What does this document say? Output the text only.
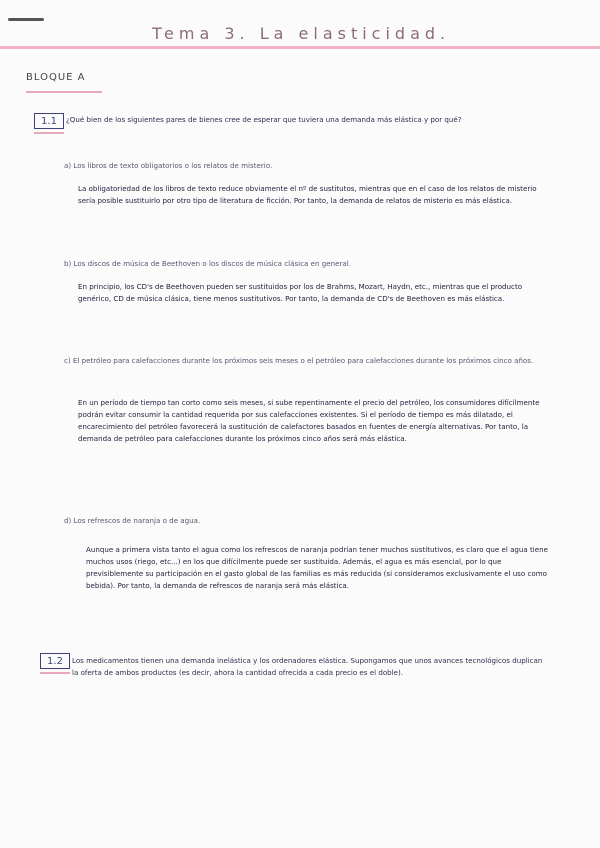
Tema 3. La elasticidad.
BLOQUE A
1.1	¿Qué bien de los siguientes pares de bienes cree de esperar que tuviera una demanda más elástica y por qué?
a) Los libros de texto obligatorios o los relatos de misterio.
La obligatoriedad de los libros de texto reduce obviamente el nº de sustitutos, mientras que en el caso de los relatos de misterio sería posible sustituirlo por otro tipo de literatura de ficción. Por tanto, la demanda de relatos de misterio es más elástica.
b) Los discos de música de Beethoven o los discos de música clásica en general.
En principio, los CD's de Beethoven pueden ser sustituidos por los de Brahms, Mozart, Haydn, etc., mientras que el producto genérico, CD de música clásica, tiene menos sustitutivos. Por tanto, la demanda de CD's de Beethoven es más elástica.
c) El petróleo para calefacciones durante los próximos seis meses o el petróleo para calefacciones durante los próximos cinco años.
En un período de tiempo tan corto como seis meses, si sube repentinamente el precio del petróleo, los consumidores difícilmente podrán evitar consumir la cantidad requerida por sus calefacciones existentes. Si el período de tiempo es más dilatado, el encarecimiento del petróleo favorecerá la sustitución de calefactores basados en fuentes de energía alternativas. Por tanto, la demanda de petróleo para calefacciones durante los próximos cinco años será más elástica.
d) Los refrescos de naranja o de agua.
Aunque a primera vista tanto el agua como los refrescos de naranja podrían tener muchos sustitutivos, es claro que el agua tiene muchos usos (riego, etc...) en los que difícilmente puede ser sustituida. Además, el agua es más esencial, por lo que previsiblemente su participación en el gasto global de las familias es más reducida (si consideramos exclusivamente el uso como bebida). Por tanto, la demanda de refrescos de naranja será más elástica.
1.2	Los medicamentos tienen una demanda inelástica y los ordenadores elástica. Supongamos que unos avances tecnológicos duplican la oferta de ambos productos (es decir, ahora la cantidad ofrecida a cada precio es el doble).
